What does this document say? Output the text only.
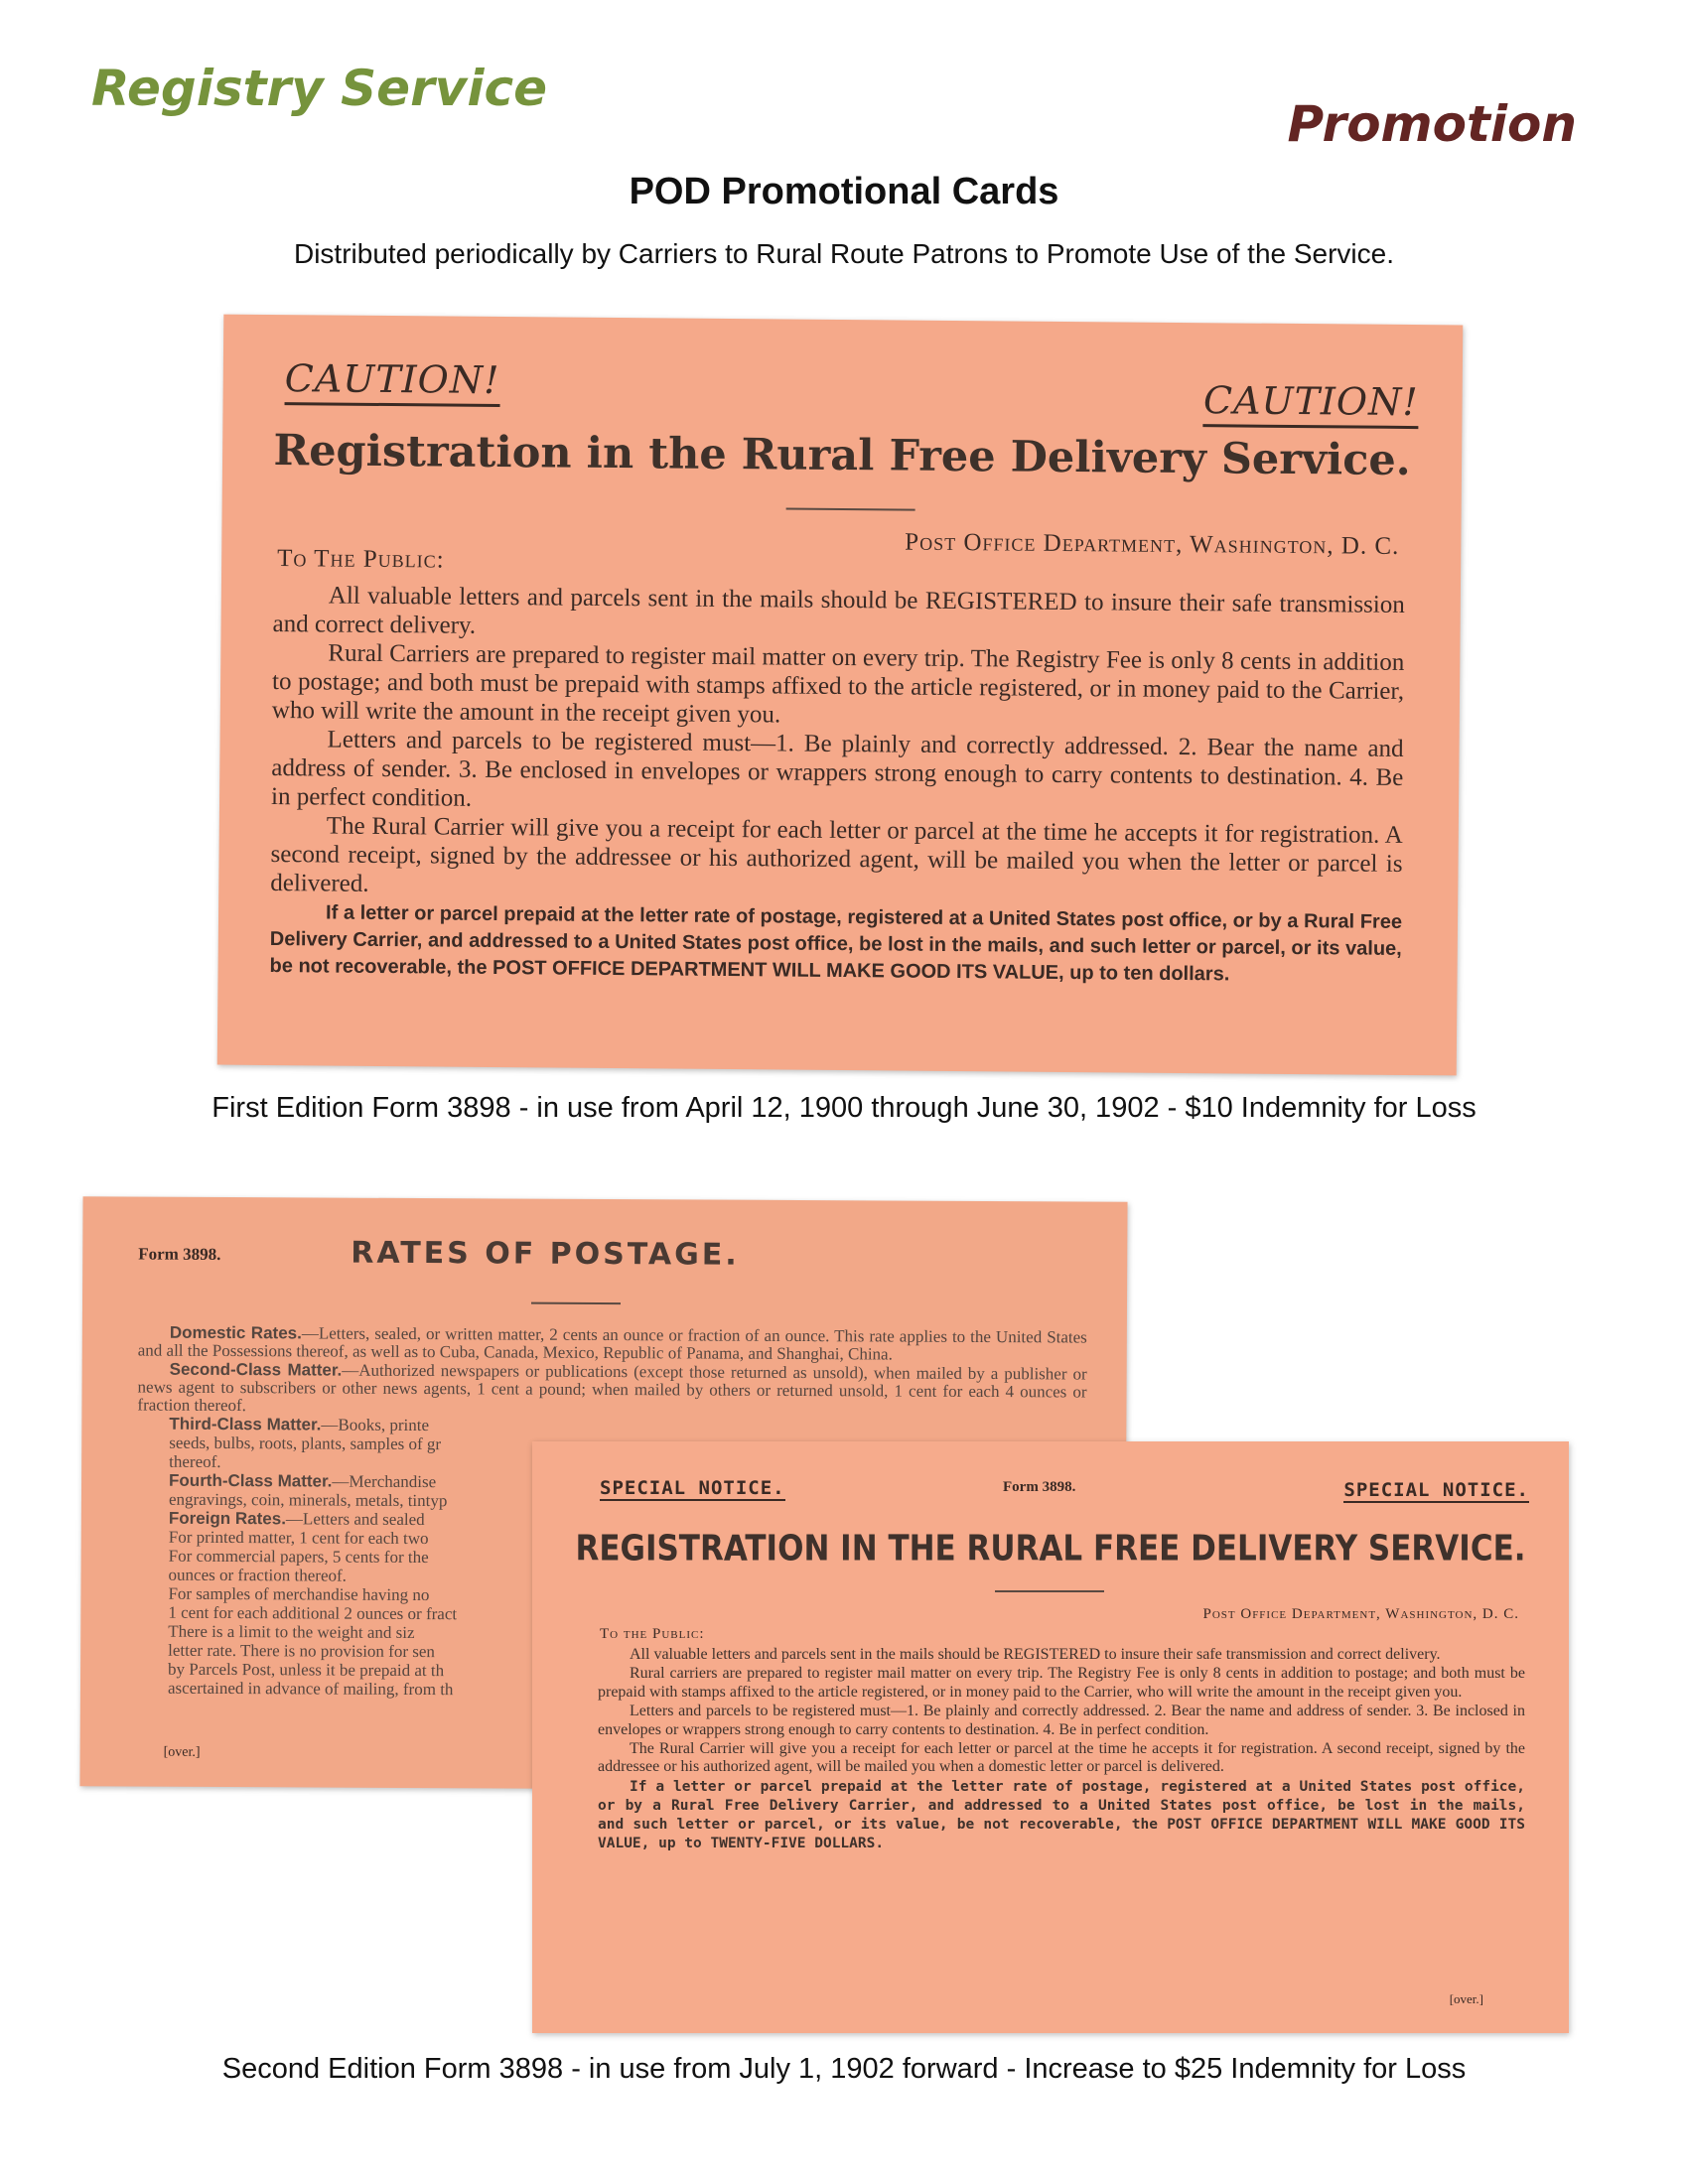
Registry Service
Promotion
POD Promotional Cards
Distributed periodically by Carriers to Rural Route Patrons to Promote Use of the Service.
CAUTION!	CAUTION!
Registration in the Rural Free Delivery Service.
Post Office Department, Washington, D. C.
To The Public:

All valuable letters and parcels sent in the mails should be REGISTERED to insure their safe transmission and correct delivery.

Rural Carriers are prepared to register mail matter on every trip. The Registry Fee is only 8 cents in addition to postage; and both must be prepaid with stamps affixed to the article registered, or in money paid to the Carrier, who will write the amount in the receipt given you.

Letters and parcels to be registered must—1. Be plainly and correctly addressed. 2. Bear the name and address of sender. 3. Be enclosed in envelopes or wrappers strong enough to carry contents to destination. 4. Be in perfect condition.

The Rural Carrier will give you a receipt for each letter or parcel at the time he accepts it for registration. A second receipt, signed by the addressee or his authorized agent, will be mailed you when the letter or parcel is delivered.

If a letter or parcel prepaid at the letter rate of postage, registered at a United States post office, or by a Rural Free Delivery Carrier, and addressed to a United States post office, be lost in the mails, and such letter or parcel, or its value, be not recoverable, the POST OFFICE DEPARTMENT WILL MAKE GOOD ITS VALUE, up to ten dollars.

First Edition Form 3898 - in use from April 12, 1900 through June 30, 1902 - $10 Indemnity for Loss
Form 3898.	RATES OF POSTAGE.

Domestic Rates.—Letters, sealed, or written matter, 2 cents an ounce or fraction of an ounce. This rate applies to the United States and all the Possessions thereof, as well as to Cuba, Canada, Mexico, Republic of Panama, and Shanghai, China.

Second-Class Matter.—Authorized newspapers or publications (except those returned as unsold), when mailed by a publisher or news agent to subscribers or other news agents, 1 cent a pound; when mailed by others or returned unsold, 1 cent for each 4 ounces or fraction thereof.

Third-Class Matter.—Books, printe

seeds, bulbs, roots, plants, samples of gr

thereof.

Fourth-Class Matter.—Merchandise

engravings, coin, minerals, metals, tintyp

Foreign Rates.—Letters and sealed

For printed matter, 1 cent for each two

For commercial papers, 5 cents for the

ounces or fraction thereof.

For samples of merchandise having no

1 cent for each additional 2 ounces or fract

There is a limit to the weight and siz

letter rate. There is no provision for sen

by Parcels Post, unless it be prepaid at th

ascertained in advance of mailing, from th

[over.]
SPECIAL NOTICE.	Form 3898.	SPECIAL NOTICE.
REGISTRATION IN THE RURAL FREE DELIVERY SERVICE.
Post Office Department, Washington, D. C.
To the Public:

All valuable letters and parcels sent in the mails should be REGISTERED to insure their safe transmission and correct delivery.

Rural carriers are prepared to register mail matter on every trip. The Registry Fee is only 8 cents in addition to postage; and both must be prepaid with stamps affixed to the article registered, or in money paid to the Carrier, who will write the amount in the receipt given you.

Letters and parcels to be registered must—1. Be plainly and correctly addressed. 2. Bear the name and address of sender. 3. Be inclosed in envelopes or wrappers strong enough to carry contents to destination. 4. Be in perfect condition.

The Rural Carrier will give you a receipt for each letter or parcel at the time he accepts it for registration. A second receipt, signed by the addressee or his authorized agent, will be mailed you when a domestic letter or parcel is delivered.

If a letter or parcel prepaid at the letter rate of postage, registered at a United States post office, or by a Rural Free Delivery Carrier, and addressed to a United States post office, be lost in the mails, and such letter or parcel, or its value, be not recoverable, the POST OFFICE DEPARTMENT WILL MAKE GOOD ITS VALUE, up to TWENTY-FIVE DOLLARS.

[over.]
Second Edition Form 3898 - in use from July 1, 1902 forward - Increase to $25 Indemnity for Loss
